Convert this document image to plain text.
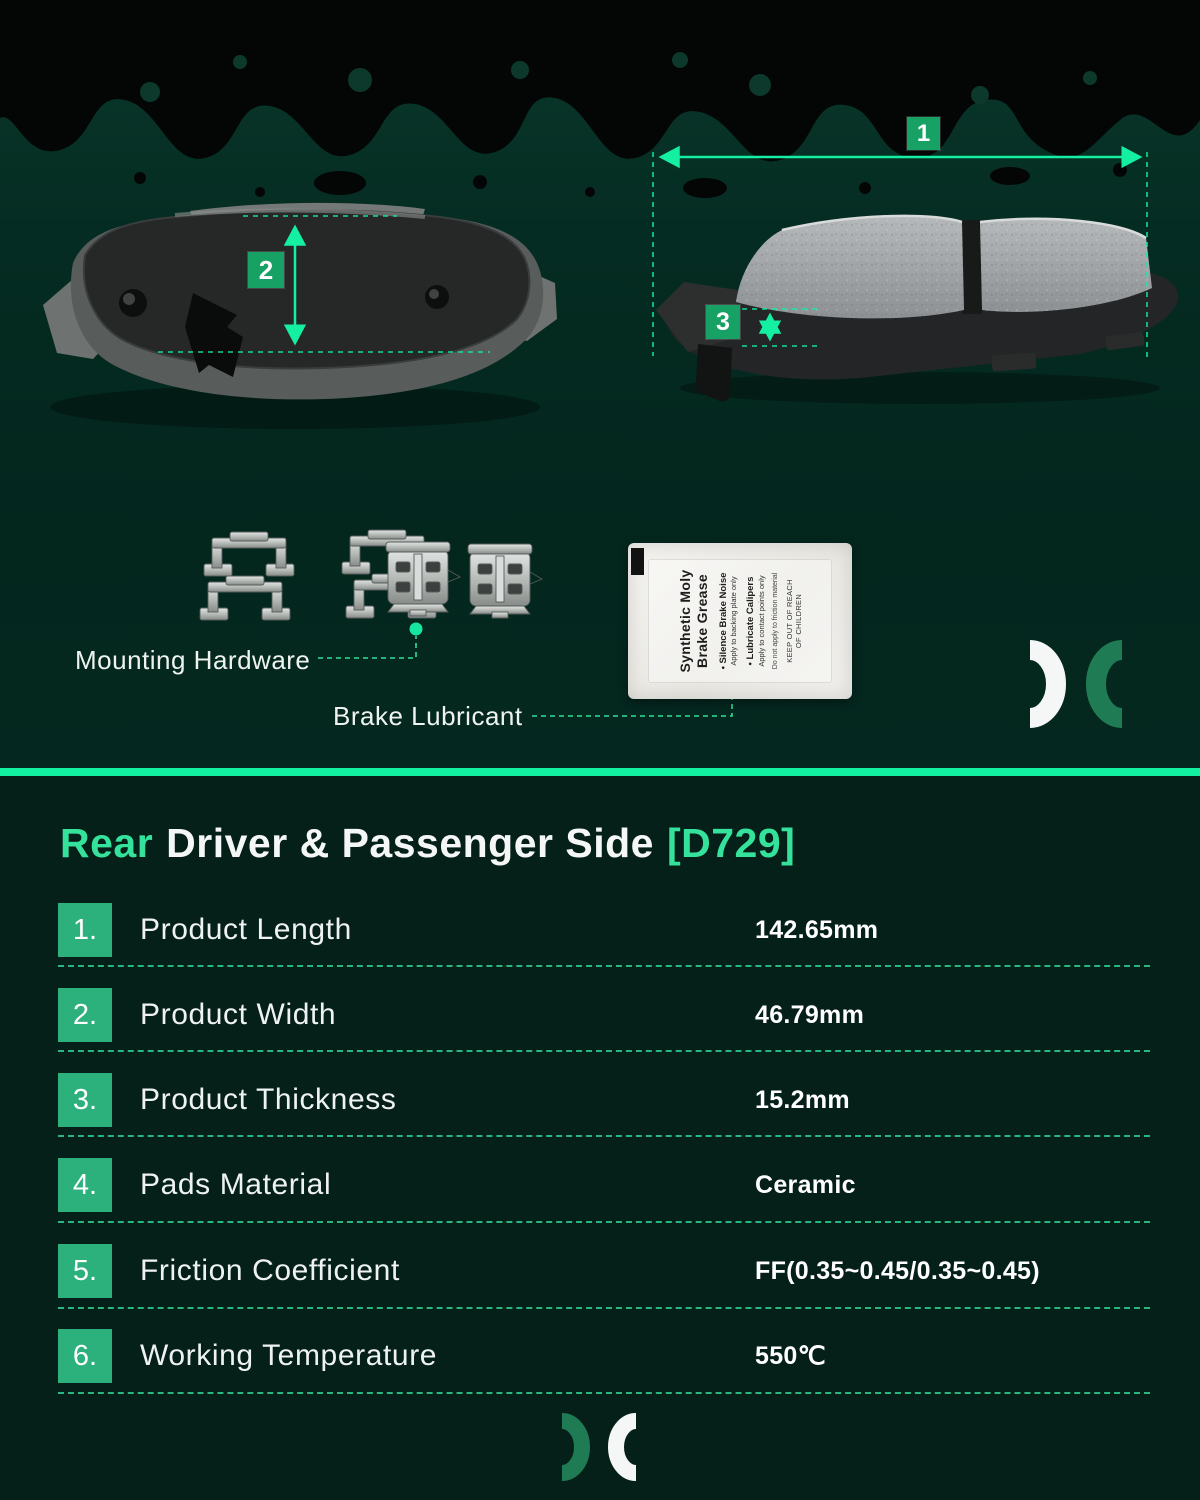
1
2
3
Mounting Hardware
Brake Lubricant
Synthetic Moly Brake Grease • Silence Brake Noise Apply to backing plate only • Lubricate Calipers Apply to contact points only Do not apply to friction material KEEP OUT OF REACH OF CHILDREN
Rear Driver & Passenger Side [D729]
1.	Product Length	142.65mm
2.	Product Width	46.79mm
3.	Product Thickness	15.2mm
4.	Pads Material	Ceramic
5.	Friction Coefficient	FF(0.35~0.45/0.35~0.45)
6.	Working Temperature	550℃
